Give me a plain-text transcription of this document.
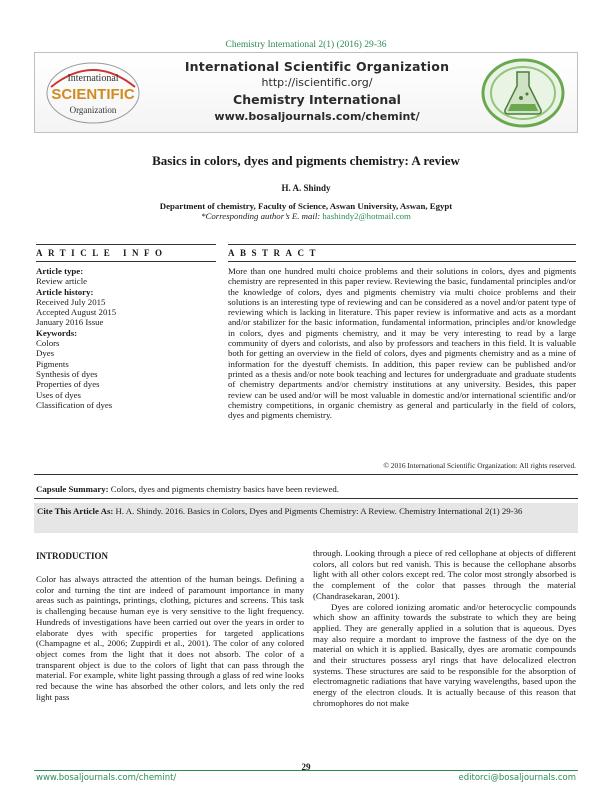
Chemistry International 2(1) (2016) 29-36
International
SCIENTIFIC
Organization
International Scientific Organization
http://iscientific.org/
Chemistry International
www.bosaljournals.com/chemint/
Basics in colors, dyes and pigments chemistry: A review
H. A. Shindy
Department of chemistry, Faculty of Science, Aswan University, Aswan, Egypt
*Corresponding author’s E. mail: hashindy2@hotmail.com
ARTICLE INFO	ABSTRACT
Article type:
Review article
Article history:
Received July 2015
Accepted August 2015
January 2016 Issue
Keywords:
Colors
Dyes
Pigments
Synthesis of dyes
Properties of dyes
Uses of dyes
Classification of dyes
More than one hundred multi choice problems and their solutions in colors, dyes and pigments chemistry are represented in this paper review. Reviewing the basic, fundamental principles and/or the knowledge of colors, dyes and pigments chemistry via multi choice problems and their solutions is an interesting type of reviewing and can be considered as a novel and/or patent type of reviewing which is lacking in literature. This paper review is informative and acts as a mordant and/or stabilizer for the basic information, fundamental information, principles and/or knowledge in colors, dyes and pigments chemistry, and it may be very interesting to read by a large community of dyers and colorists, and also by professors and teachers in this field. It is valuable both for getting an overview in the field of colors, dyes and pigments chemistry and as a mine of information for the dyestuff chemists. In addition, this paper review can be published and/or printed as a thesis and/or note book teaching and lectures for undergraduate and graduate students of chemistry departments and/or chemistry institutions at any university. Besides, this paper review can be used and/or will be most valuable in domestic and/or international scientific and/or chemistry competitions, in organic chemistry as general and particularly in the field of colors, dyes and pigments chemistry.
© 2016 International Scientific Organization: All rights reserved.
Capsule Summary: Colors, dyes and pigments chemistry basics have been reviewed.
Cite This Article As: H. A. Shindy. 2016. Basics in Colors, Dyes and Pigments Chemistry: A Review. Chemistry International 2(1) 29-36
INTRODUCTION

Color has always attracted the attention of the human beings. Defining a color and turning the tint are indeed of paramount importance in many areas such as paintings, printings, clothing, pictures and screens. This task is challenging because human eye is very sensitive to the light frequency. Hundreds of investigations have been carried out over the years in order to elaborate dyes with specific properties for targeted applications (Champagne et al., 2006; Zuppirdi et al., 2001). The color of any colored object comes from the light that it does not absorb. The color of a transparent object is due to the colors of light that can pass through the material. For example, white light passing through a glass of red wine looks red because the wine has absorbed the other colors, and lets only the red light pass

through. Looking through a piece of red cellophane at objects of different colors, all colors but red vanish. This is because the cellophane absorbs light with all other colors except red. The color most strongly absorbed is the complement of the color that passes through the material (Chandrasekaran, 2001).

Dyes are colored ionizing aromatic and/or heterocyclic compounds which show an affinity towards the substrate to which they are being applied. They are generally applied in a solution that is aqueous. Dyes may also require a mordant to improve the fastness of the dye on the material on which it is applied. Basically, dyes are aromatic compounds and their structures possess aryl rings that have delocalized electron systems. These structures are said to be responsible for the absorption of electromagnetic radiations that have varying wavelengths, based upon the energy of the electron clouds. It is actually because of this reason that chromophores do not make

29
www.bosaljournals.com/chemint/	editorci@bosaljournals.com
